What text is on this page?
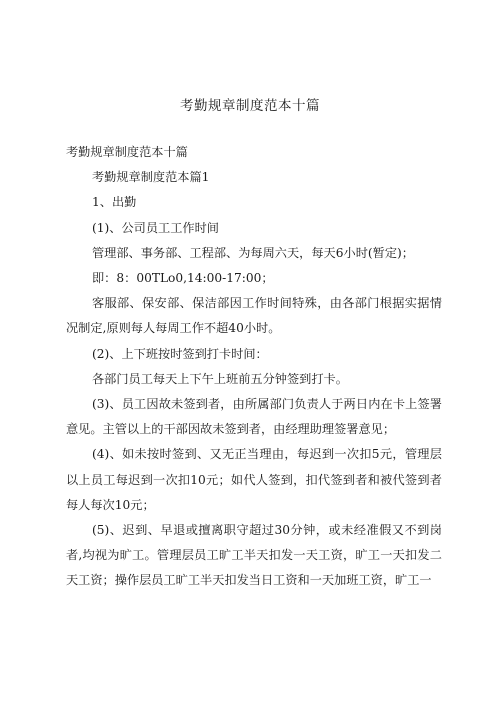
考勤规章制度范本十篇

考勤规章制度范本十篇

考勤规章制度范本篇1

1、出勤

(1)、公司员工工作时间

管理部、事务部、工程部、为每周六天，每天6小时(暂定)；

即：8：00TLo0,14:00-17:00；

客服部、保安部、保洁部因工作时间特殊，由各部门根据实据情况制定,原则每人每周工作不超40小时。

(2)、上下班按时签到打卡时间：

各部门员工每天上下午上班前五分钟签到打卡。

(3)、员工因故未签到者，由所属部门负责人于两日内在卡上签署意见。主管以上的干部因故未签到者，由经理助理签署意见；

(4)、如未按时签到、又无正当理由，每迟到一次扣5元，管理层以上员工每迟到一次扣10元；如代人签到，扣代签到者和被代签到者每人每次10元；

(5)、迟到、早退或擅离职守超过30分钟，或未经准假又不到岗者,均视为旷工。管理层员工旷工半天扣发一天工资，旷工一天扣发二天工资；操作层员工旷工半天扣发当日工资和一天加班工资，旷工一
